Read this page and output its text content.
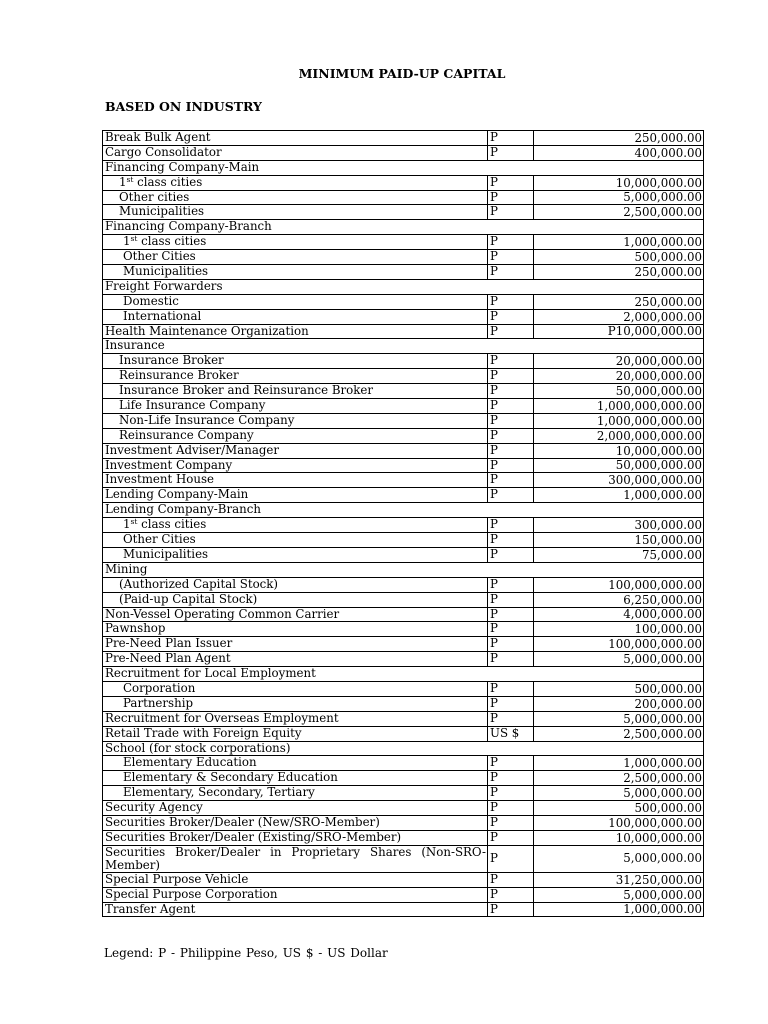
MINIMUM PAID-UP CAPITAL
BASED ON INDUSTRY
Break Bulk Agent	P	250,000.00
Cargo Consolidator	P	400,000.00
Financing Company-Main		
1st class cities	P	10,000,000.00
Other cities	P	5,000,000.00
Municipalities	P	2,500,000.00
Financing Company-Branch		
1st class cities	P	1,000,000.00
Other Cities	P	500,000.00
Municipalities	P	250,000.00
Freight Forwarders		
Domestic	P	250,000.00
International	P	2,000,000.00
Health Maintenance Organization	P	P10,000,000.00
Insurance		
Insurance Broker	P	20,000,000.00
Reinsurance Broker	P	20,000,000.00
Insurance Broker and Reinsurance Broker	P	50,000,000.00
Life Insurance Company	P	1,000,000,000.00
Non-Life Insurance Company	P	1,000,000,000.00
Reinsurance Company	P	2,000,000,000.00
Investment Adviser/Manager	P	10,000,000.00
Investment Company	P	50,000,000.00
Investment House	P	300,000,000.00
Lending Company-Main	P	1,000,000.00
Lending Company-Branch		
1st class cities	P	300,000.00
Other Cities	P	150,000.00
Municipalities	P	75,000.00
Mining		
(Authorized Capital Stock)	P	100,000,000.00
(Paid-up Capital Stock)	P	6,250,000.00
Non-Vessel Operating Common Carrier	P	4,000,000.00
Pawnshop	P	100,000.00
Pre-Need Plan Issuer	P	100,000,000.00
Pre-Need Plan Agent	P	5,000,000.00
Recruitment for Local Employment		
Corporation	P	500,000.00
Partnership	P	200,000.00
Recruitment for Overseas Employment	P	5,000,000.00
Retail Trade with Foreign Equity	US $	2,500,000.00
School (for stock corporations)		
Elementary Education	P	1,000,000.00
Elementary & Secondary Education	P	2,500,000.00
Elementary, Secondary, Tertiary	P	5,000,000.00
Security Agency	P	500,000.00
Securities Broker/Dealer (New/SRO-Member)	P	100,000,000.00
Securities Broker/Dealer (Existing/SRO-Member)	P	10,000,000.00
Securities Broker/Dealer in Proprietary Shares (Non-SRO-Member)	P	5,000,000.00
Special Purpose Vehicle	P	31,250,000.00
Special Purpose Corporation	P	5,000,000.00
Transfer Agent	P	1,000,000.00
Legend: P - Philippine Peso, US $ - US Dollar
